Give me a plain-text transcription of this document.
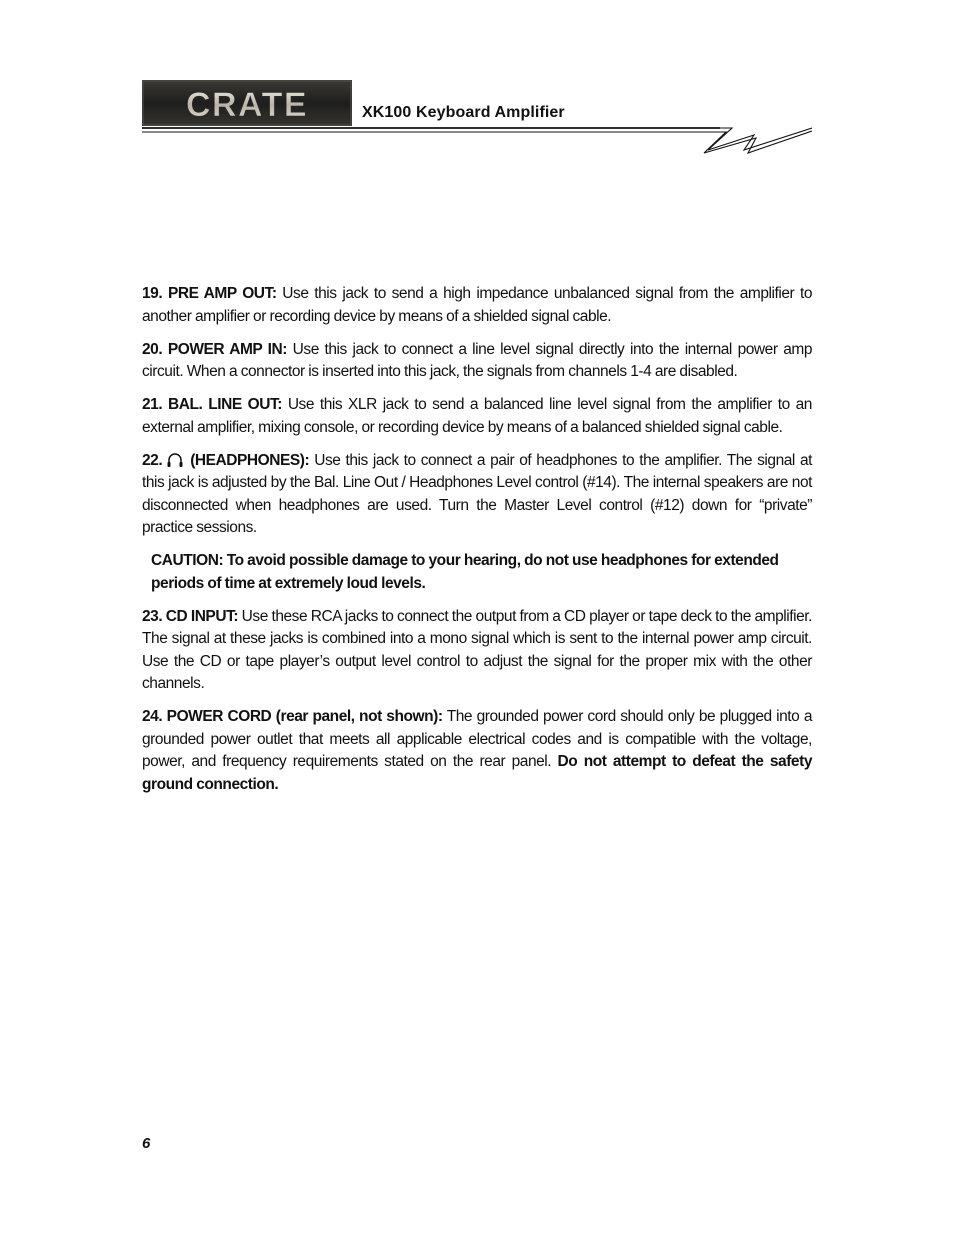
CRATE	XK100 Keyboard Amplifier

19. PRE AMP OUT: Use this jack to send a high impedance unbalanced signal from the amplifier to another amplifier or recording device by means of a shielded signal cable.

20. POWER AMP IN: Use this jack to connect a line level signal directly into the internal power amp circuit. When a connector is inserted into this jack, the signals from channels 1-4 are disabled.

21. BAL. LINE OUT: Use this XLR jack to send a balanced line level signal from the amplifier to an external amplifier, mixing console, or recording device by means of a balanced shielded signal cable.

22. (HEADPHONES): Use this jack to connect a pair of headphones to the amplifier. The signal at this jack is adjusted by the Bal. Line Out / Headphones Level control (#14). The internal speakers are not disconnected when headphones are used. Turn the Master Level control (#12) down for “private” practice sessions.

CAUTION: To avoid possible damage to your hearing, do not use headphones for extended periods of time at extremely loud levels.

23. CD INPUT: Use these RCA jacks to connect the output from a CD player or tape deck to the amplifier. The signal at these jacks is combined into a mono signal which is sent to the internal power amp circuit. Use the CD or tape player’s output level control to adjust the signal for the proper mix with the other channels.

24. POWER CORD (rear panel, not shown): The grounded power cord should only be plugged into a grounded power outlet that meets all applicable electrical codes and is compatible with the voltage, power, and frequency requirements stated on the rear panel. Do not attempt to defeat the safety ground connection.

6
